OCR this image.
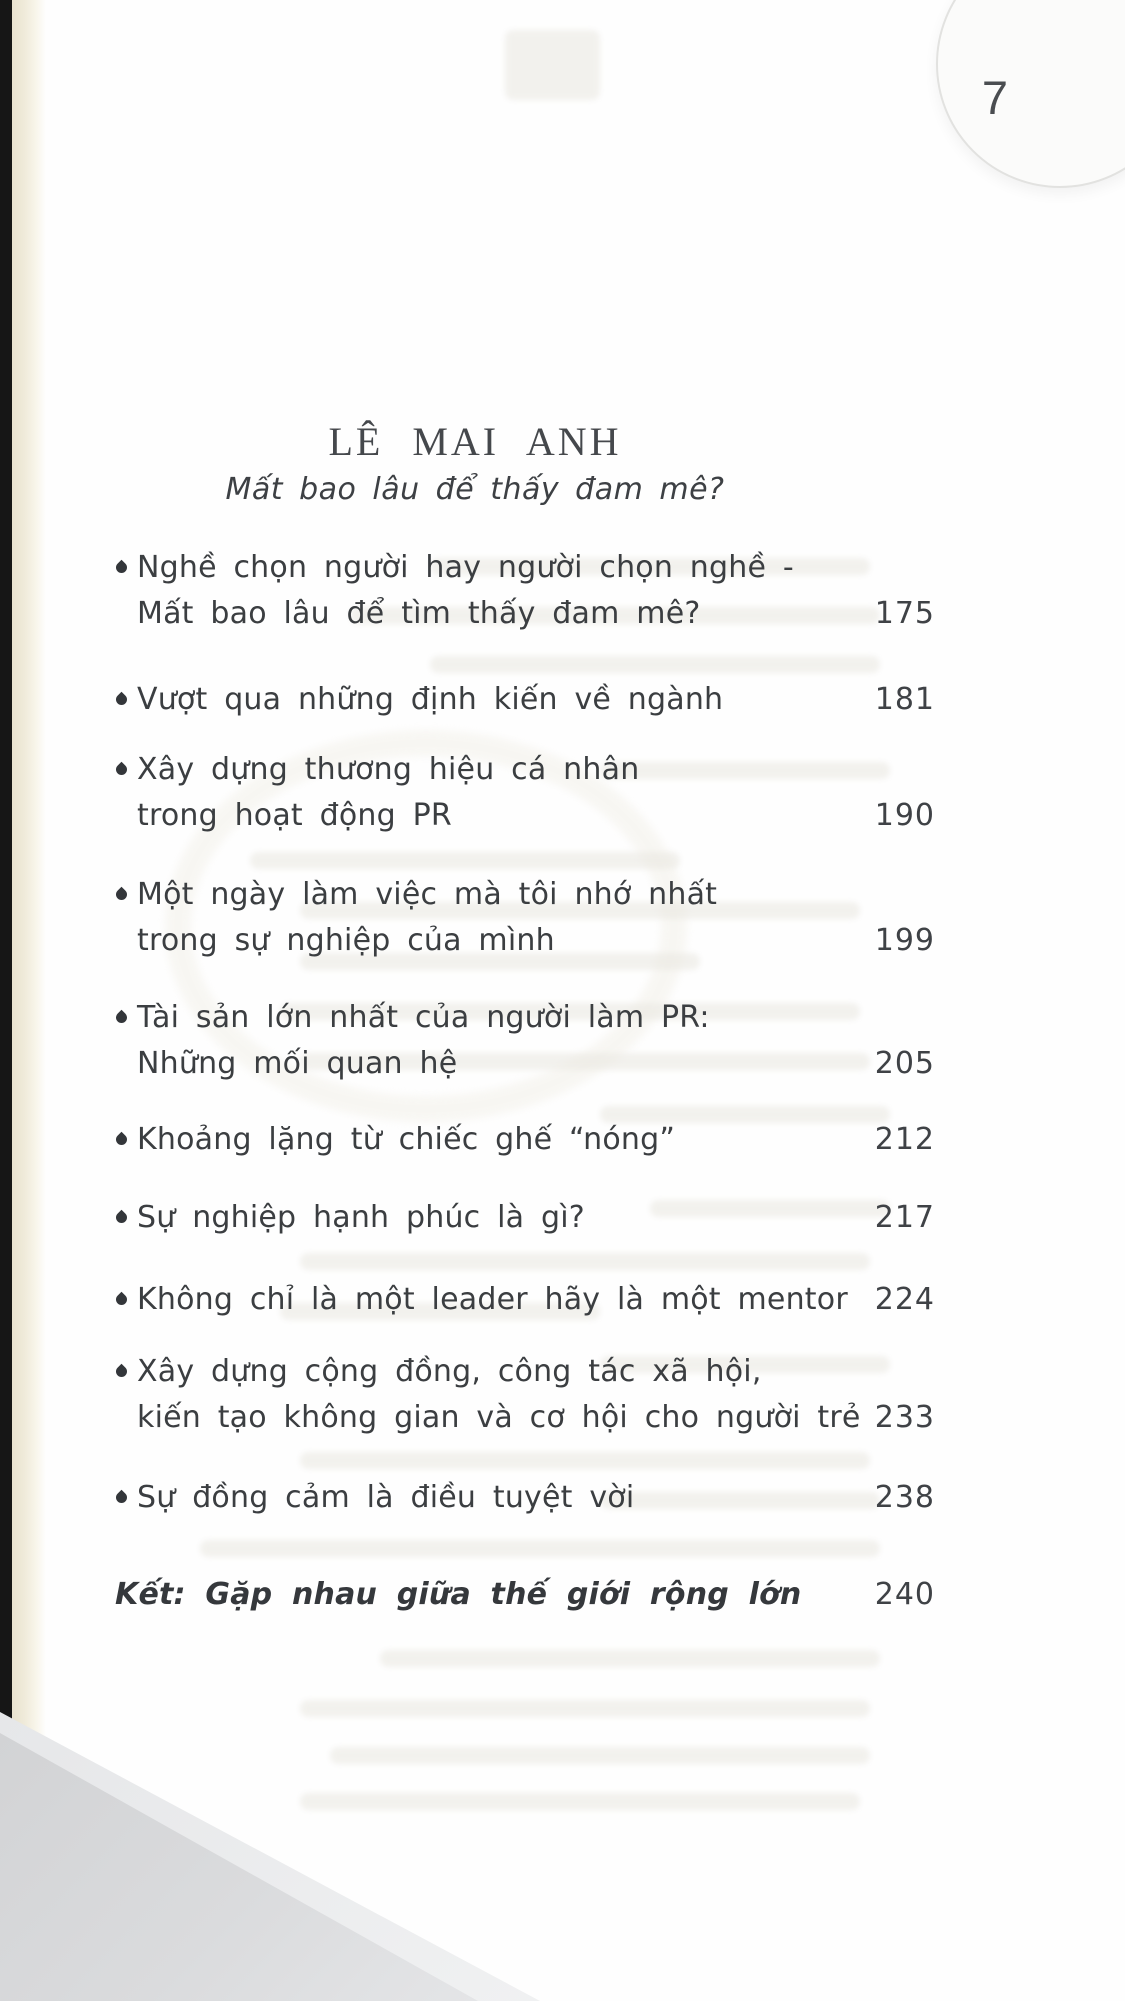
7
LÊ MAI ANH
Mất bao lâu để thấy đam mê?
Nghề chọn người hay người chọn nghề -
Mất bao lâu để tìm thấy đam mê?	175
Vượt qua những định kiến về ngành	181
Xây dựng thương hiệu cá nhân
trong hoạt động PR	190
Một ngày làm việc mà tôi nhớ nhất
trong sự nghiệp của mình	199
Tài sản lớn nhất của người làm PR:
Những mối quan hệ	205
Khoảng lặng từ chiếc ghế “nóng”	212
Sự nghiệp hạnh phúc là gì?	217
Không chỉ là một leader hãy là một mentor 224
Xây dựng cộng đồng, công tác xã hội,
kiến tạo không gian và cơ hội cho người trẻ 233
Sự đồng cảm là điều tuyệt vời	238
Kết: Gặp nhau giữa thế giới rộng lớn	240
